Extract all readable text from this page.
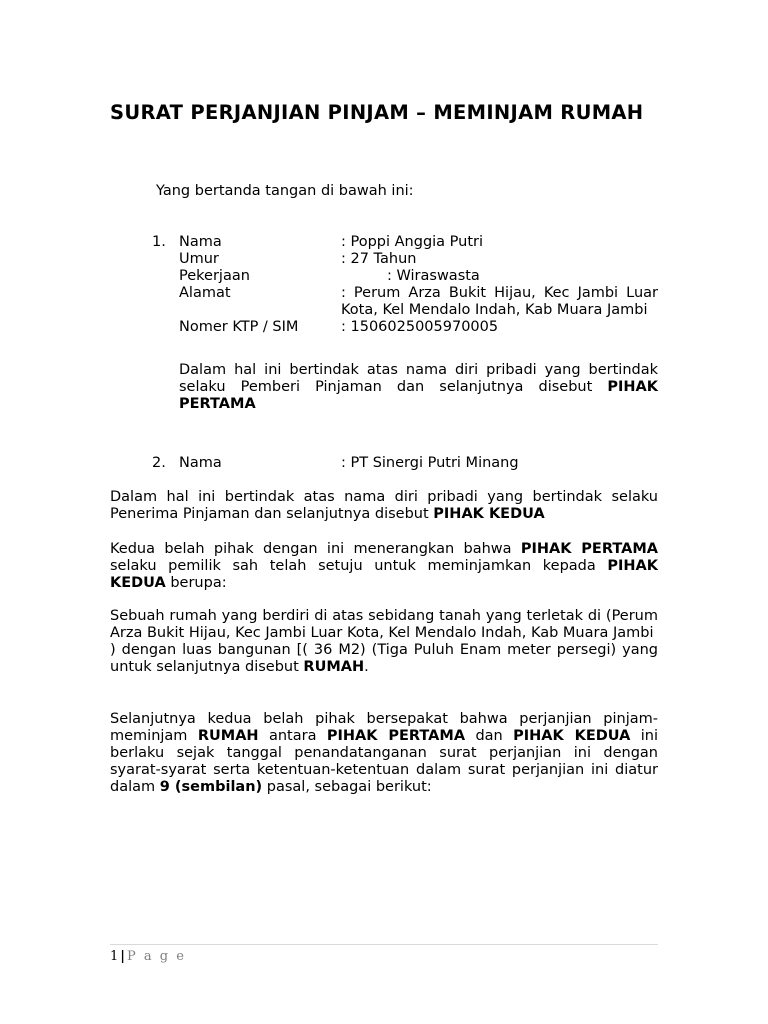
SURAT PERJANJIAN PINJAM – MEMINJAM RUMAH
Yang bertanda tangan di bawah ini:
1. Nama	: Poppi Anggia Putri
Umur	: 27 Tahun
Pekerjaan	: Wiraswasta
Alamat	: Perum Arza Bukit Hijau, Kec Jambi Luar Kota, Kel Mendalo Indah, Kab Muara Jambi
Nomer KTP / SIM	: 1506025005970005
Dalam hal ini bertindak atas nama diri pribadi yang bertindak selaku Pemberi Pinjaman dan selanjutnya disebut PIHAK PERTAMA
2. Nama	: PT Sinergi Putri Minang
Dalam hal ini bertindak atas nama diri pribadi yang bertindak selaku Penerima Pinjaman dan selanjutnya disebut PIHAK KEDUA
Kedua belah pihak dengan ini menerangkan bahwa PIHAK PERTAMA selaku pemilik sah telah setuju untuk meminjamkan kepada PIHAK KEDUA berupa:
Sebuah rumah yang berdiri di atas sebidang tanah yang terletak di (Perum Arza Bukit Hijau, Kec Jambi Luar Kota, Kel Mendalo Indah, Kab Muara Jambi
) dengan luas bangunan [( 36 M2) (Tiga Puluh Enam meter persegi) yang untuk selanjutnya disebut RUMAH.
Selanjutnya kedua belah pihak bersepakat bahwa perjanjian pinjam-meminjam RUMAH antara PIHAK PERTAMA dan PIHAK KEDUA ini berlaku sejak tanggal penandatanganan surat perjanjian ini dengan syarat-syarat serta ketentuan-ketentuan dalam surat perjanjian ini diatur dalam 9 (sembilan) pasal, sebagai berikut:
1 | P a g e
